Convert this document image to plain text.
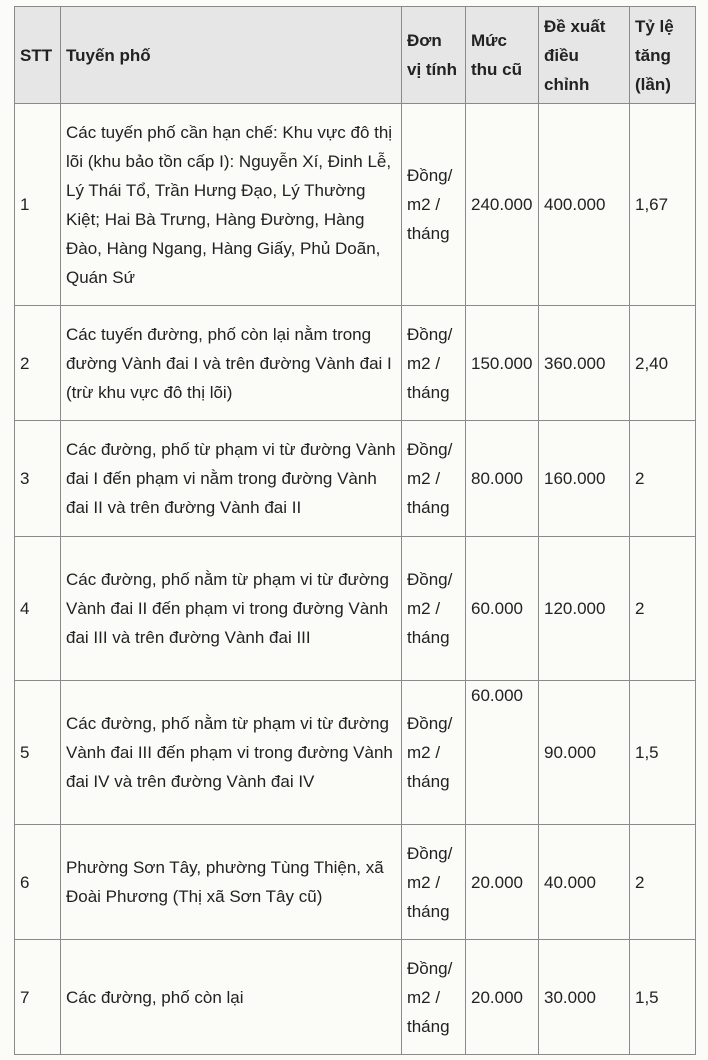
STT	Tuyến phố	Đơn vị tính	Mức thu cũ	Đề xuất điều chỉnh	Tỷ lệ tăng (lần)
1	Các tuyến phố cần hạn chế: Khu vực đô thị lõi (khu bảo tồn cấp I): Nguyễn Xí, Đinh Lễ, Lý Thái Tổ, Trần Hưng Đạo, Lý Thường Kiệt; Hai Bà Trưng, Hàng Đường, Hàng Đào, Hàng Ngang, Hàng Giấy, Phủ Doãn, Quán Sứ	Đồng/ m2 / tháng	240.000	400.000	1,67
2	Các tuyến đường, phố còn lại nằm trong đường Vành đai I và trên đường Vành đai I (trừ khu vực đô thị lõi)	Đồng/ m2 / tháng	150.000	360.000	2,40
3	Các đường, phố từ phạm vi từ đường Vành đai I đến phạm vi nằm trong đường Vành đai II và trên đường Vành đai II	Đồng/ m2 / tháng	80.000	160.000	2
4	Các đường, phố nằm từ phạm vi từ đường Vành đai II đến phạm vi trong đường Vành đai III và trên đường Vành đai III	Đồng/ m2 / tháng	60.000	120.000	2
5	Các đường, phố nằm từ phạm vi từ đường Vành đai III đến phạm vi trong đường Vành đai IV và trên đường Vành đai IV	Đồng/ m2 / tháng	60.000	90.000	1,5
6	Phường Sơn Tây, phường Tùng Thiện, xã Đoài Phương (Thị xã Sơn Tây cũ)	Đồng/ m2 / tháng	20.000	40.000	2
7	Các đường, phố còn lại	Đồng/ m2 / tháng	20.000	30.000	1,5
